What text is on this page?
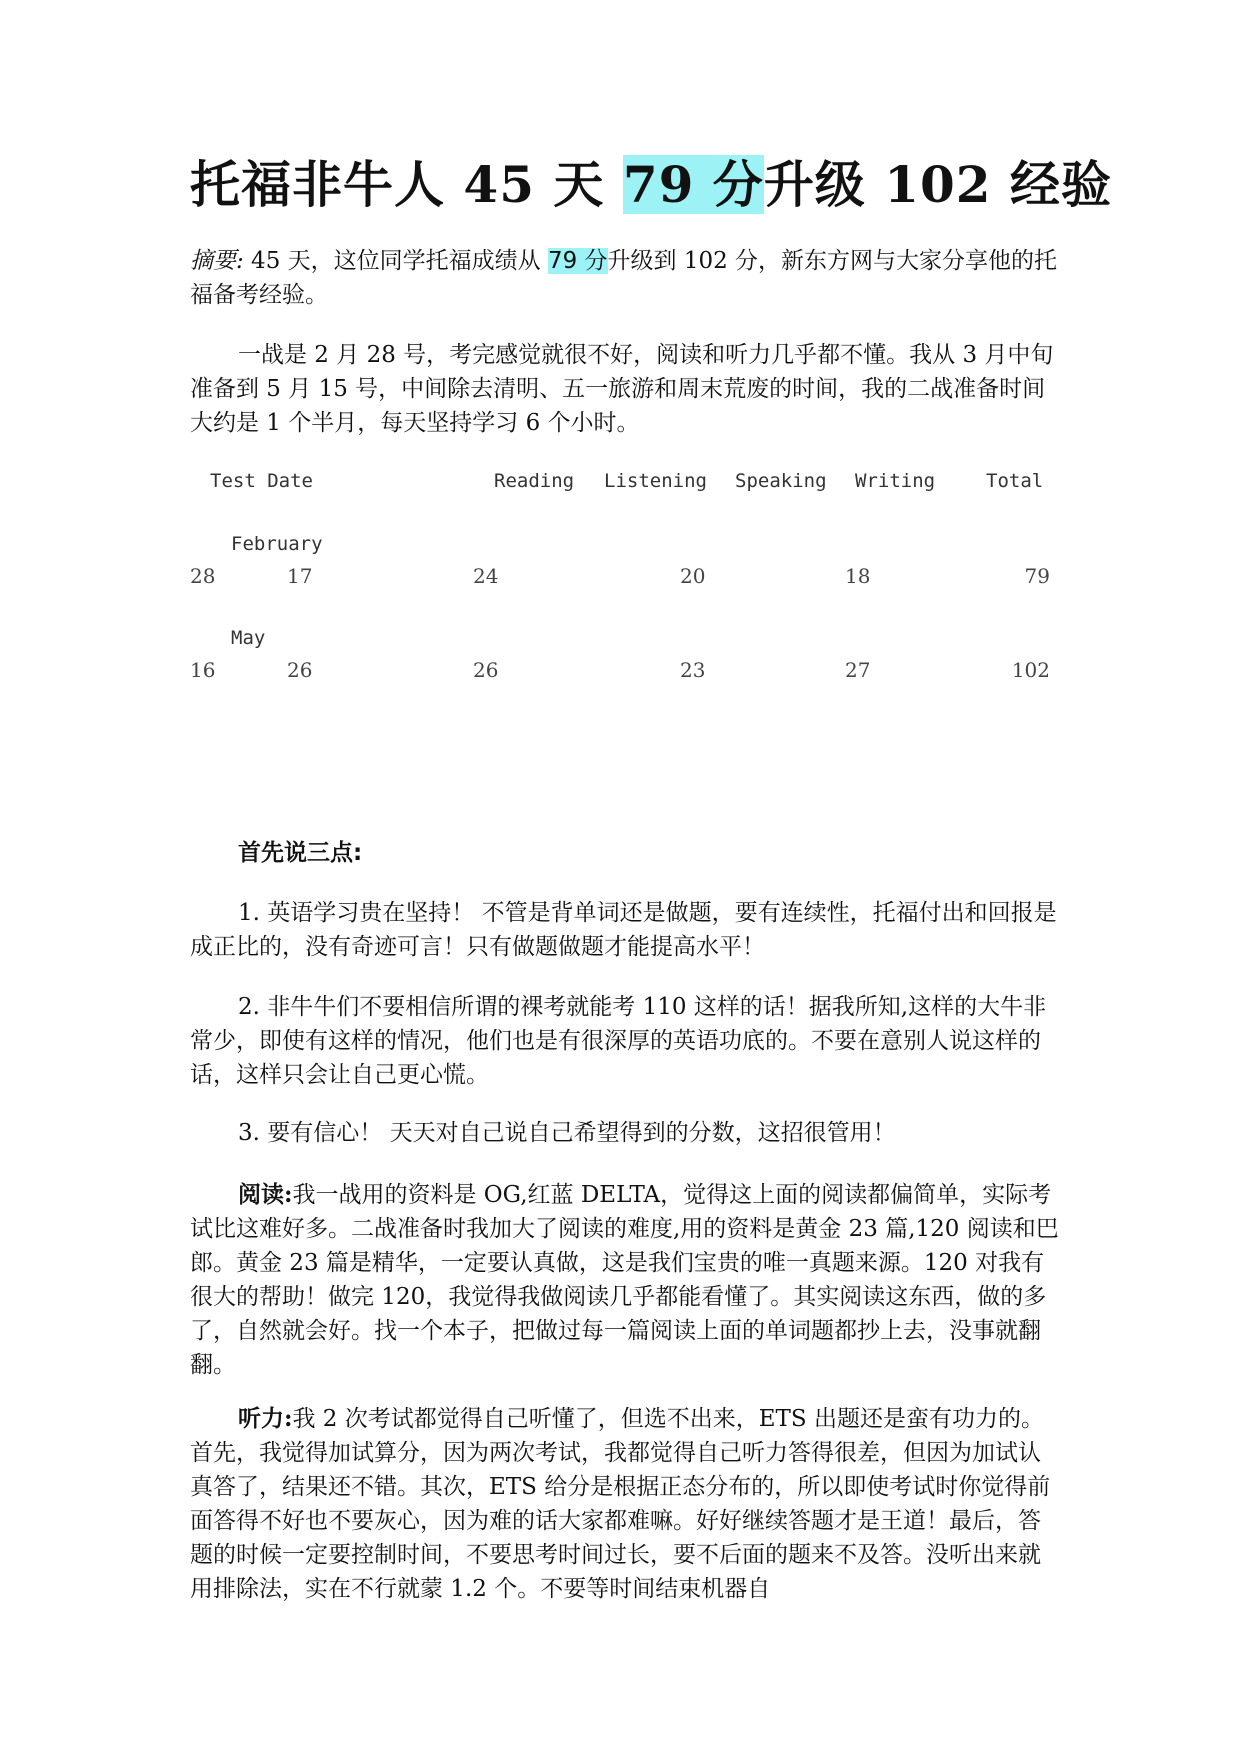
托福非牛人 45 天 79 分升级 102 经验

摘要: 45 天，这位同学托福成绩从 79 分升级到 102 分，新东方网与大家分享他的托福备考经验。

一战是 2 月 28 号，考完感觉就很不好，阅读和听力几乎都不懂。我从 3 月中旬准备到 5 月 15 号，中间除去清明、五一旅游和周末荒废的时间，我的二战准备时间大约是 1 个半月，每天坚持学习 6 个小时。

Test Date	Reading Listening Speaking Writing	Total
February
28	17	24	20	18	79
May
16	26	26	23	27	102

首先说三点:

1. 英语学习贵在坚持！ 不管是背单词还是做题，要有连续性，托福付出和回报是成正比的，没有奇迹可言！只有做题做题才能提高水平！

2. 非牛牛们不要相信所谓的裸考就能考 110 这样的话！据我所知,这样的大牛非常少，即使有这样的情况，他们也是有很深厚的英语功底的。不要在意别人说这样的话，这样只会让自己更心慌。

3. 要有信心！ 天天对自己说自己希望得到的分数，这招很管用！

阅读:我一战用的资料是 OG,红蓝 DELTA，觉得这上面的阅读都偏简单，实际考试比这难好多。二战准备时我加大了阅读的难度,用的资料是黄金 23 篇,120 阅读和巴郎。黄金 23 篇是精华，一定要认真做，这是我们宝贵的唯一真题来源。120 对我有很大的帮助！做完 120，我觉得我做阅读几乎都能看懂了。其实阅读这东西，做的多了，自然就会好。找一个本子，把做过每一篇阅读上面的单词题都抄上去，没事就翻翻。

听力:我 2 次考试都觉得自己听懂了，但选不出来，ETS 出题还是蛮有功力的。首先，我觉得加试算分，因为两次考试，我都觉得自己听力答得很差，但因为加试认真答了，结果还不错。其次，ETS 给分是根据正态分布的，所以即使考试时你觉得前面答得不好也不要灰心，因为难的话大家都难嘛。好好继续答题才是王道！最后，答题的时候一定要控制时间，不要思考时间过长，要不后面的题来不及答。没听出来就用排除法，实在不行就蒙 1.2 个。不要等时间结束机器自
